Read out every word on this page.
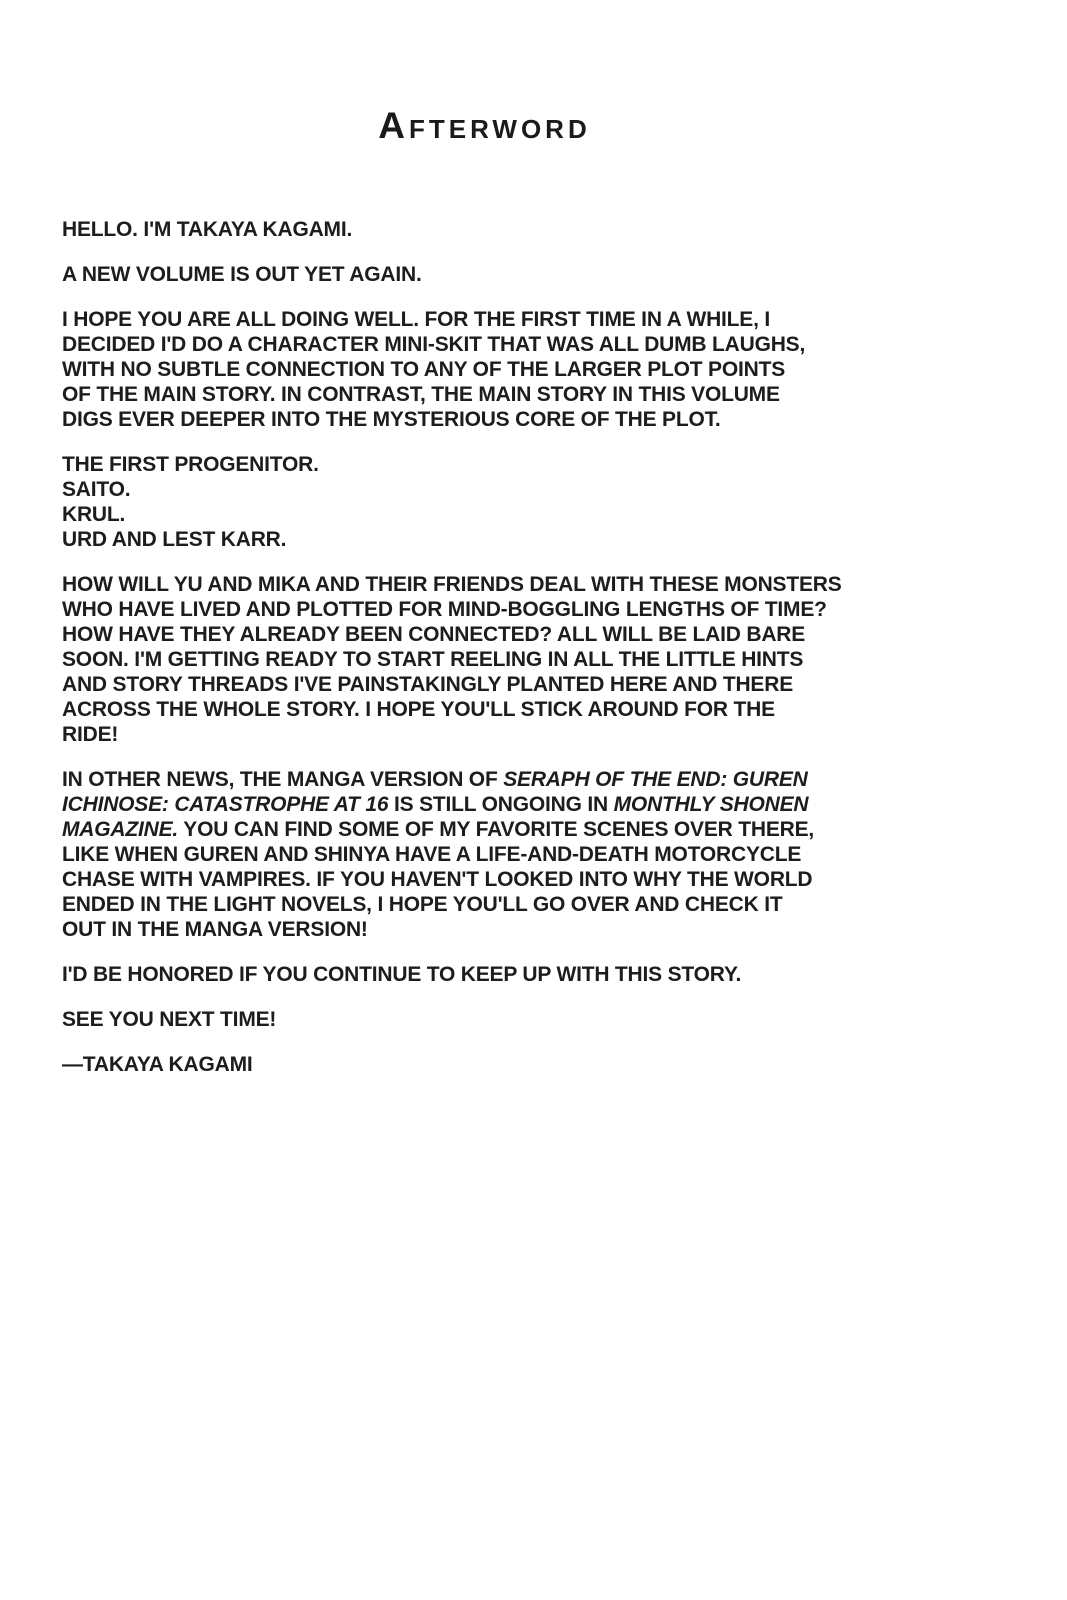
Afterword
HELLO. I'M TAKAYA KAGAMI.
A NEW VOLUME IS OUT YET AGAIN.
I HOPE YOU ARE ALL DOING WELL. FOR THE FIRST TIME IN A WHILE, I
DECIDED I'D DO A CHARACTER MINI-SKIT THAT WAS ALL DUMB LAUGHS,
WITH NO SUBTLE CONNECTION TO ANY OF THE LARGER PLOT POINTS
OF THE MAIN STORY. IN CONTRAST, THE MAIN STORY IN THIS VOLUME
DIGS EVER DEEPER INTO THE MYSTERIOUS CORE OF THE PLOT.
THE FIRST PROGENITOR.
SAITO.
KRUL.
URD AND LEST KARR.
HOW WILL YU AND MIKA AND THEIR FRIENDS DEAL WITH THESE MONSTERS
WHO HAVE LIVED AND PLOTTED FOR MIND-BOGGLING LENGTHS OF TIME?
HOW HAVE THEY ALREADY BEEN CONNECTED? ALL WILL BE LAID BARE
SOON. I'M GETTING READY TO START REELING IN ALL THE LITTLE HINTS
AND STORY THREADS I'VE PAINSTAKINGLY PLANTED HERE AND THERE
ACROSS THE WHOLE STORY. I HOPE YOU'LL STICK AROUND FOR THE
RIDE!
IN OTHER NEWS, THE MANGA VERSION OF SERAPH OF THE END: GUREN
ICHINOSE: CATASTROPHE AT 16 IS STILL ONGOING IN MONTHLY SHONEN
MAGAZINE. YOU CAN FIND SOME OF MY FAVORITE SCENES OVER THERE,
LIKE WHEN GUREN AND SHINYA HAVE A LIFE-AND-DEATH MOTORCYCLE
CHASE WITH VAMPIRES. IF YOU HAVEN'T LOOKED INTO WHY THE WORLD
ENDED IN THE LIGHT NOVELS, I HOPE YOU'LL GO OVER AND CHECK IT
OUT IN THE MANGA VERSION!
I'D BE HONORED IF YOU CONTINUE TO KEEP UP WITH THIS STORY.
SEE YOU NEXT TIME!
—TAKAYA KAGAMI
